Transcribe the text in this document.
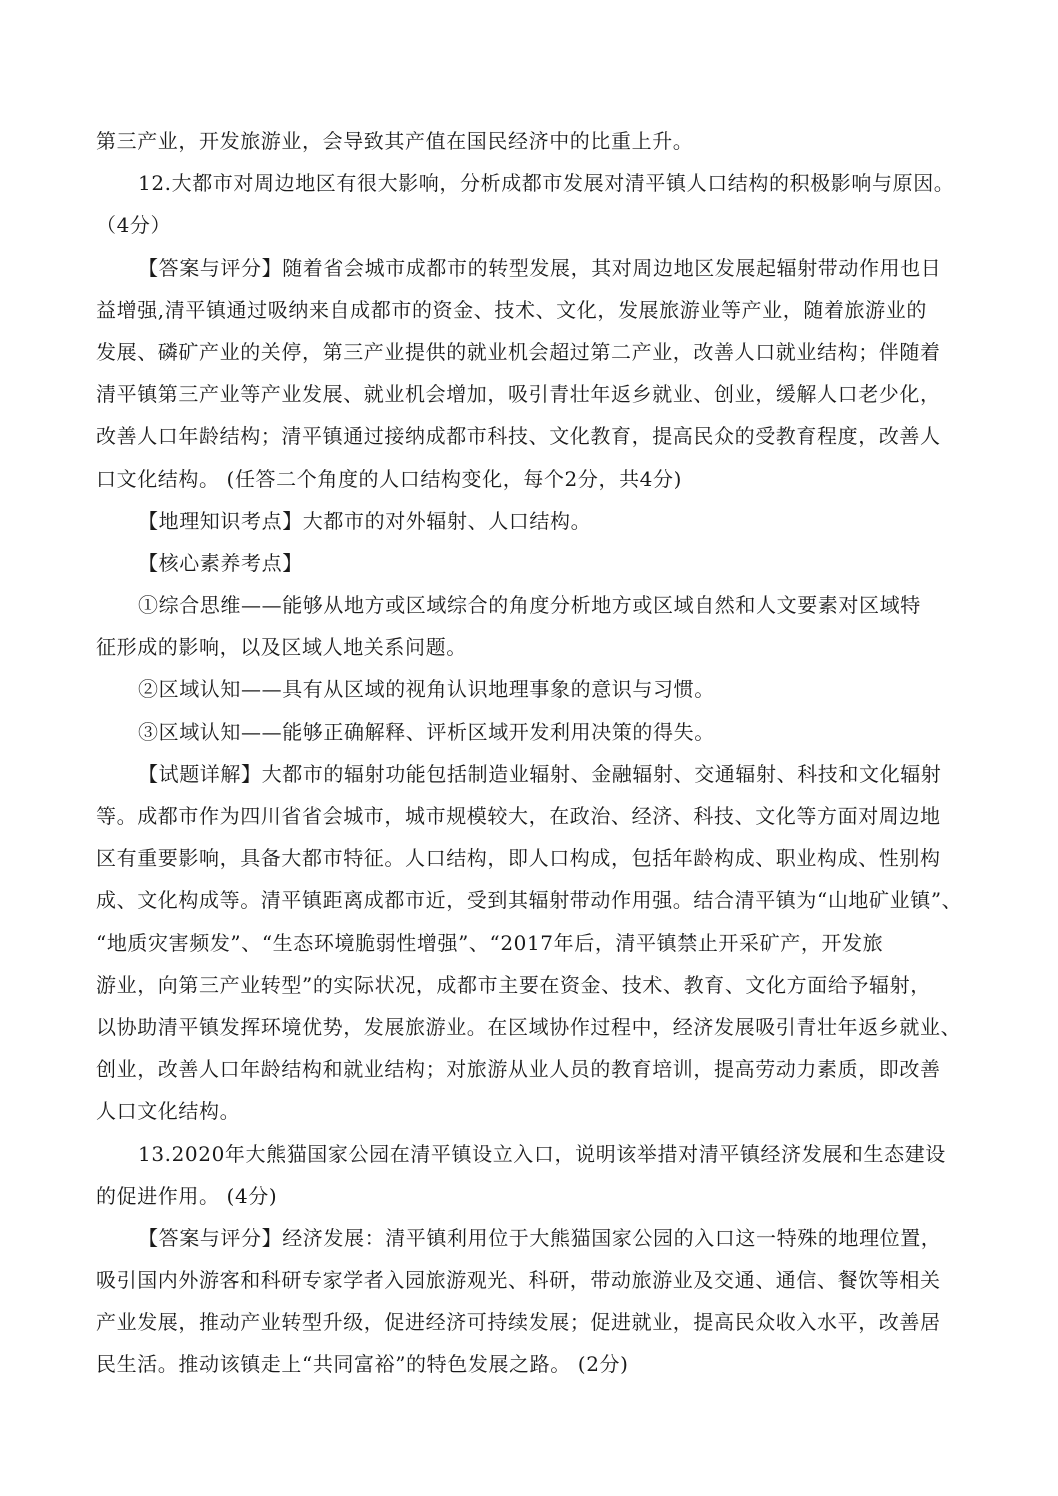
第三产业，开发旅游业，会导致其产值在国民经济中的比重上升。
12.大都市对周边地区有很大影响，分析成都市发展对清平镇人口结构的积极影响与原因。
（4分）
【答案与评分】随着省会城市成都市的转型发展，其对周边地区发展起辐射带动作用也日
益增强,清平镇通过吸纳来自成都市的资金、技术、文化，发展旅游业等产业，随着旅游业的
发展、磷矿产业的关停，第三产业提供的就业机会超过第二产业，改善人口就业结构；伴随着
清平镇第三产业等产业发展、就业机会增加，吸引青壮年返乡就业、创业，缓解人口老少化，
改善人口年龄结构；清平镇通过接纳成都市科技、文化教育，提高民众的受教育程度，改善人
口文化结构。 (任答二个角度的人口结构变化，每个2分，共4分)
【地理知识考点】大都市的对外辐射、人口结构。
【核心素养考点】
①综合思维——能够从地方或区域综合的角度分析地方或区域自然和人文要素对区域特
征形成的影响，以及区域人地关系问题。
②区域认知——具有从区域的视角认识地理事象的意识与习惯。
③区域认知——能够正确解释、评析区域开发利用决策的得失。
【试题详解】大都市的辐射功能包括制造业辐射、金融辐射、交通辐射、科技和文化辐射
等。成都市作为四川省省会城市，城市规模较大，在政治、经济、科技、文化等方面对周边地
区有重要影响，具备大都市特征。人口结构，即人口构成，包括年龄构成、职业构成、性别构
成、文化构成等。清平镇距离成都市近，受到其辐射带动作用强。结合清平镇为“山地矿业镇”、
“地质灾害频发”、“生态环境脆弱性增强”、“2017年后，清平镇禁止开采矿产，开发旅
游业，向第三产业转型”的实际状况，成都市主要在资金、技术、教育、文化方面给予辐射，
以协助清平镇发挥环境优势，发展旅游业。在区域协作过程中，经济发展吸引青壮年返乡就业、
创业，改善人口年龄结构和就业结构；对旅游从业人员的教育培训，提高劳动力素质，即改善
人口文化结构。
13.2020年大熊猫国家公园在清平镇设立入口，说明该举措对清平镇经济发展和生态建设
的促进作用。 (4分)
【答案与评分】经济发展：清平镇利用位于大熊猫国家公园的入口这一特殊的地理位置，
吸引国内外游客和科研专家学者入园旅游观光、科研，带动旅游业及交通、通信、餐饮等相关
产业发展，推动产业转型升级，促进经济可持续发展；促进就业，提高民众收入水平，改善居
民生活。推动该镇走上“共同富裕”的特色发展之路。 (2分)
